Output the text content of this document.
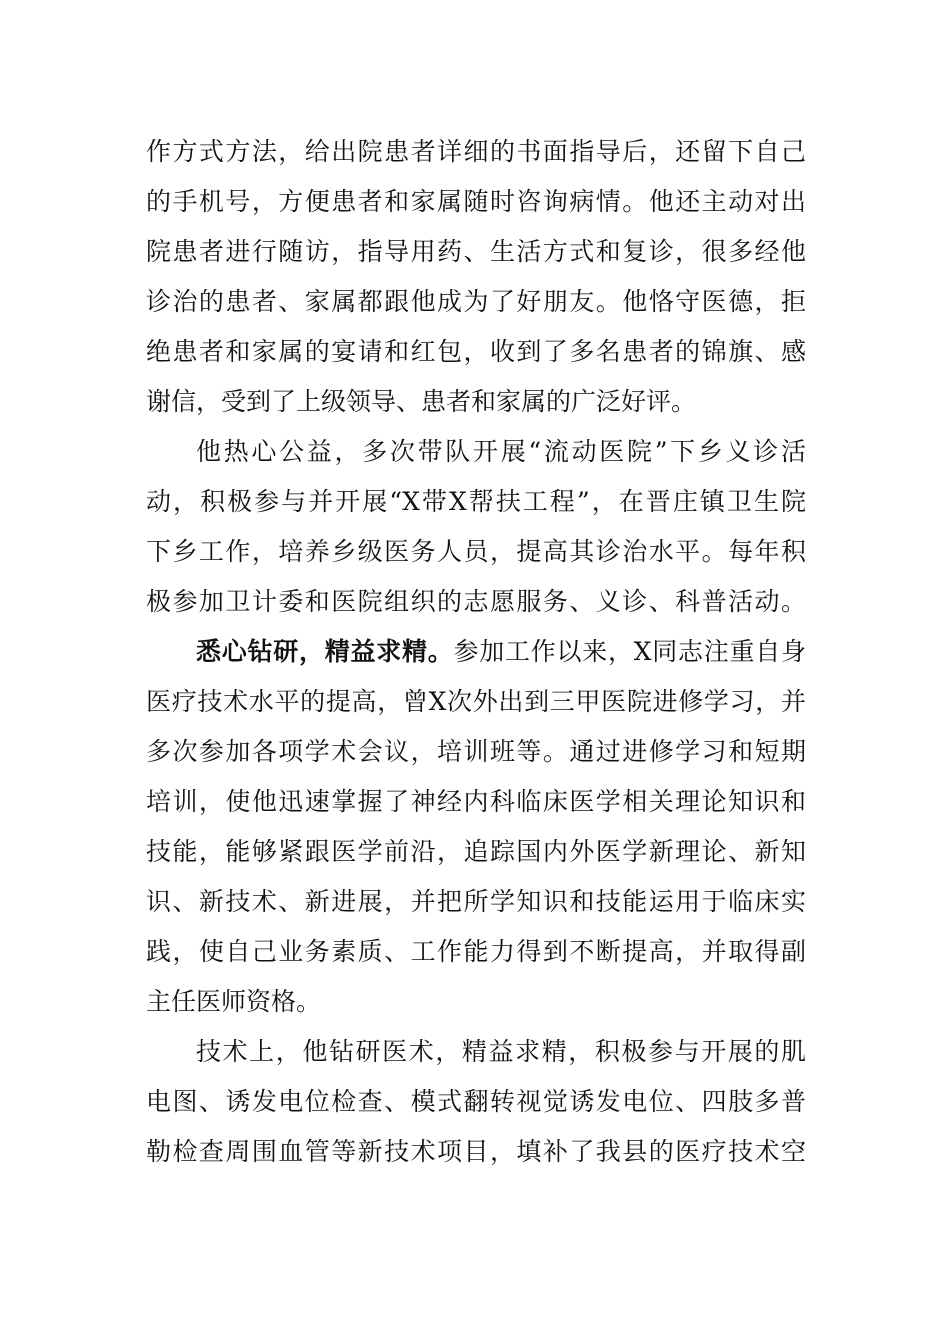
作方式方法，给出院患者详细的书面指导后，还留下自己
的手机号，方便患者和家属随时咨询病情。他还主动对出
院患者进行随访，指导用药、生活方式和复诊，很多经他
诊治的患者、家属都跟他成为了好朋友。他恪守医德，拒
绝患者和家属的宴请和红包，收到了多名患者的锦旗、感
谢信，受到了上级领导、患者和家属的广泛好评。
他热心公益，多次带队开展“流动医院”下乡义诊活
动，积极参与并开展“X带X帮扶工程”，在晋庄镇卫生院
下乡工作，培养乡级医务人员，提高其诊治水平。每年积
极参加卫计委和医院组织的志愿服务、义诊、科普活动。
悉心钻研，精益求精。参加工作以来，X同志注重自身
医疗技术水平的提高，曾X次外出到三甲医院进修学习，并
多次参加各项学术会议，培训班等。通过进修学习和短期
培训，使他迅速掌握了神经内科临床医学相关理论知识和
技能，能够紧跟医学前沿，追踪国内外医学新理论、新知
识、新技术、新进展，并把所学知识和技能运用于临床实
践，使自己业务素质、工作能力得到不断提高，并取得副
主任医师资格。
技术上，他钻研医术，精益求精，积极参与开展的肌
电图、诱发电位检查、模式翻转视觉诱发电位、四肢多普
勒检查周围血管等新技术项目，填补了我县的医疗技术空
